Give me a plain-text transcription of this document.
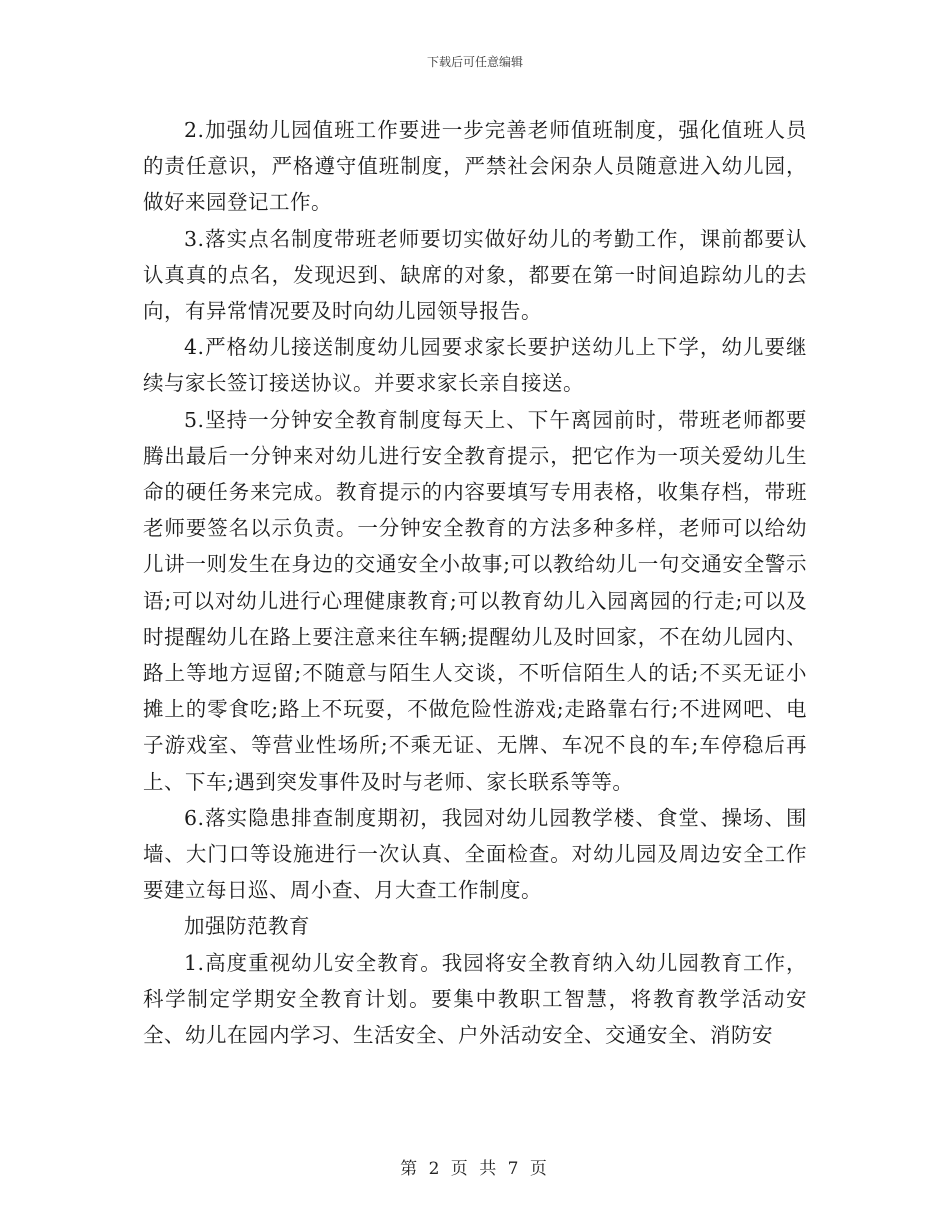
下载后可任意编辑

2.加强幼儿园值班工作要进一步完善老师值班制度，强化值班人员的责任意识，严格遵守值班制度，严禁社会闲杂人员随意进入幼儿园，做好来园登记工作。

3.落实点名制度带班老师要切实做好幼儿的考勤工作，课前都要认认真真的点名，发现迟到、缺席的对象，都要在第一时间追踪幼儿的去向，有异常情况要及时向幼儿园领导报告。

4.严格幼儿接送制度幼儿园要求家长要护送幼儿上下学，幼儿要继续与家长签订接送协议。并要求家长亲自接送。

5.坚持一分钟安全教育制度每天上、下午离园前时，带班老师都要腾出最后一分钟来对幼儿进行安全教育提示，把它作为一项关爱幼儿生命的硬任务来完成。教育提示的内容要填写专用表格，收集存档，带班老师要签名以示负责。一分钟安全教育的方法多种多样，老师可以给幼儿讲一则发生在身边的交通安全小故事;可以教给幼儿一句交通安全警示语;可以对幼儿进行心理健康教育;可以教育幼儿入园离园的行走;可以及时提醒幼儿在路上要注意来往车辆;提醒幼儿及时回家，不在幼儿园内、路上等地方逗留;不随意与陌生人交谈，不听信陌生人的话;不买无证小摊上的零食吃;路上不玩耍，不做危险性游戏;走路靠右行;不进网吧、电子游戏室、等营业性场所;不乘无证、无牌、车况不良的车;车停稳后再上、下车;遇到突发事件及时与老师、家长联系等等。

6.落实隐患排查制度期初，我园对幼儿园教学楼、食堂、操场、围墙、大门口等设施进行一次认真、全面检查。对幼儿园及周边安全工作要建立每日巡、周小查、月大查工作制度。

加强防范教育

1.高度重视幼儿安全教育。我园将安全教育纳入幼儿园教育工作，科学制定学期安全教育计划。要集中教职工智慧，将教育教学活动安全、幼儿在园内学习、生活安全、户外活动安全、交通安全、消防安

第 2 页 共 7 页
